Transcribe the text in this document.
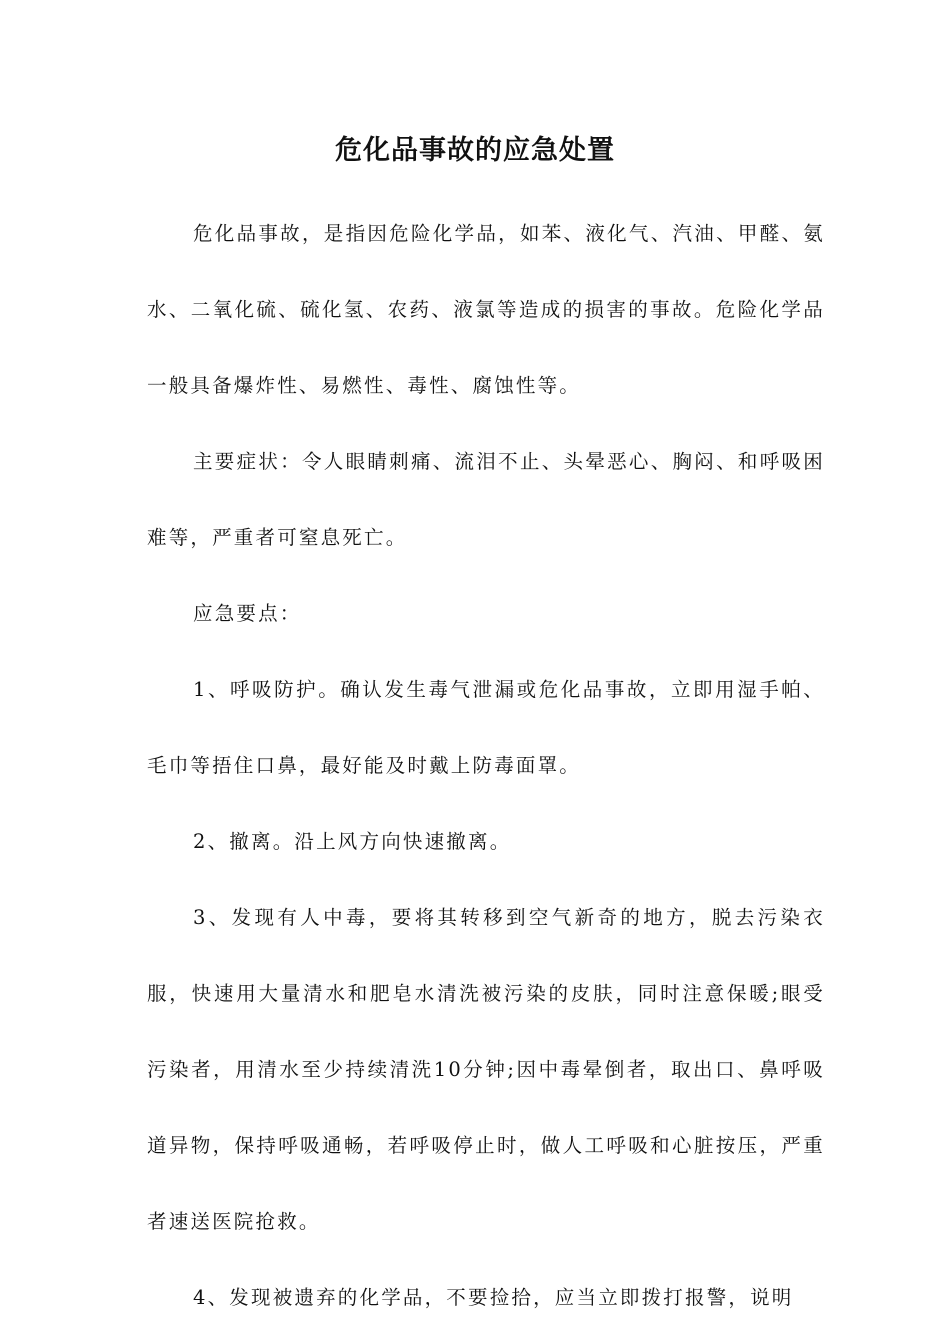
危化品事故的应急处置

危化品事故，是指因危险化学品，如苯、液化气、汽油、甲醛、氨水、二氧化硫、硫化氢、农药、液氯等造成的损害的事故。危险化学品一般具备爆炸性、易燃性、毒性、腐蚀性等。

主要症状：令人眼睛刺痛、流泪不止、头晕恶心、胸闷、和呼吸困难等，严重者可窒息死亡。

应急要点：

1、呼吸防护。确认发生毒气泄漏或危化品事故，立即用湿手帕、毛巾等捂住口鼻，最好能及时戴上防毒面罩。

2、撤离。沿上风方向快速撤离。

3、发现有人中毒，要将其转移到空气新奇的地方，脱去污染衣服，快速用大量清水和肥皂水清洗被污染的皮肤，同时注意保暖;眼受污染者，用清水至少持续清洗10分钟;因中毒晕倒者，取出口、鼻呼吸道异物，保持呼吸通畅，若呼吸停止时，做人工呼吸和心脏按压，严重者速送医院抢救。

4、发现被遗弃的化学品，不要捡拾，应当立即拨打报警，说明
